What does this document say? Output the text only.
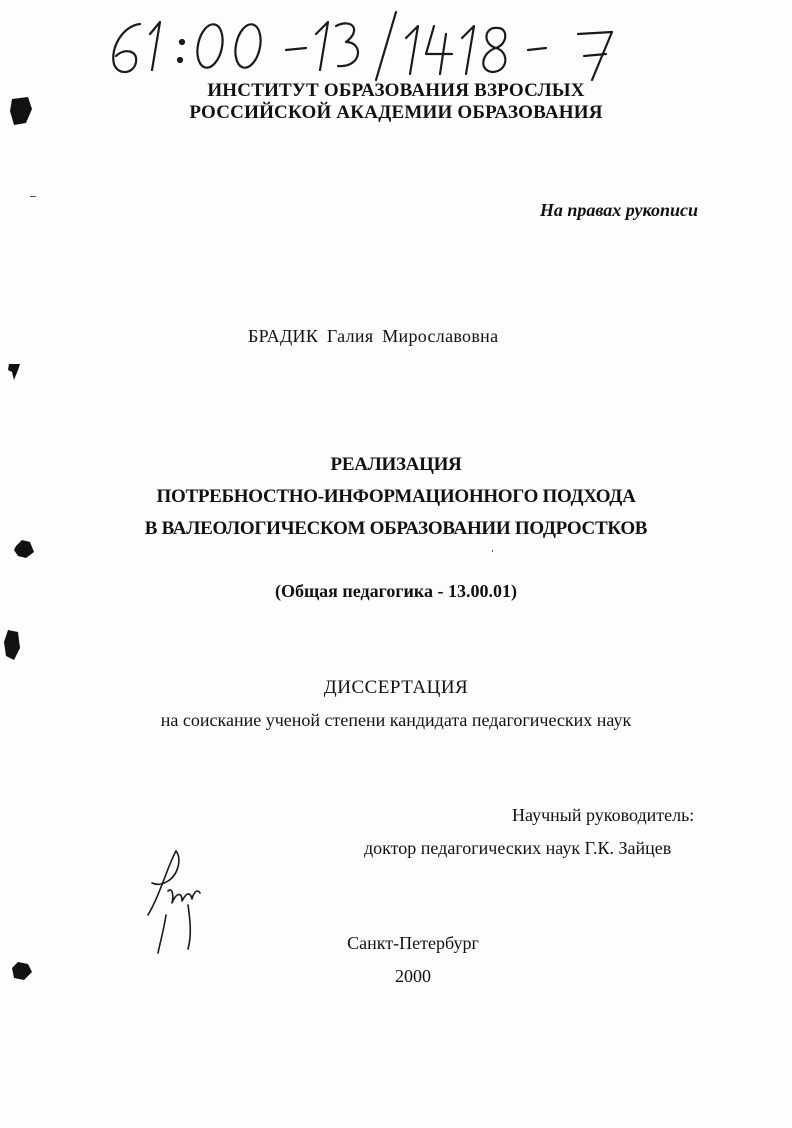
ИНСТИТУТ ОБРАЗОВАНИЯ ВЗРОСЛЫХ
РОССИЙСКОЙ АКАДЕМИИ ОБРАЗОВАНИЯ
На правах рукописи
БРАДИК Галия Мирославовна
РЕАЛИЗАЦИЯ
ПОТРЕБНОСТНО-ИНФОРМАЦИОННОГО ПОДХОДА
В ВАЛЕОЛОГИЧЕСКОМ ОБРАЗОВАНИИ ПОДРОСТКОВ
(Общая педагогика - 13.00.01)
ДИССЕРТАЦИЯ
на соискание ученой степени кандидата педагогических наук
Научный руководитель:
доктор педагогических наук Г.К. Зайцев
Санкт-Петербург
2000
